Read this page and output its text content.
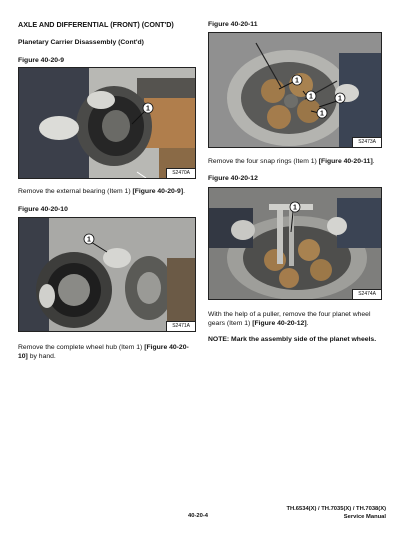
AXLE AND DIFFERENTIAL (FRONT) (CONT'D)
Planetary Carrier Disassembly (Cont'd)
Figure 40-20-9
1
S2470A
Remove the external bearing (Item 1) [Figure 40-20-9].
Figure 40-20-10
1
S2471A
Remove the complete wheel hub (Item 1) [Figure 40-20-10] by hand.
Figure 40-20-11
1
1	1
1
S2473A
Remove the four snap rings (Item 1) [Figure 40-20-11].
Figure 40-20-12
1
S2474A
With the help of a puller, remove the four planet wheel gears (Item 1) [Figure 40-20-12].
NOTE: Mark the assembly side of the planet wheels.
TH.6534(X) / TH.7035(X) / TH.7038(X)
Service Manual
40-20-4
